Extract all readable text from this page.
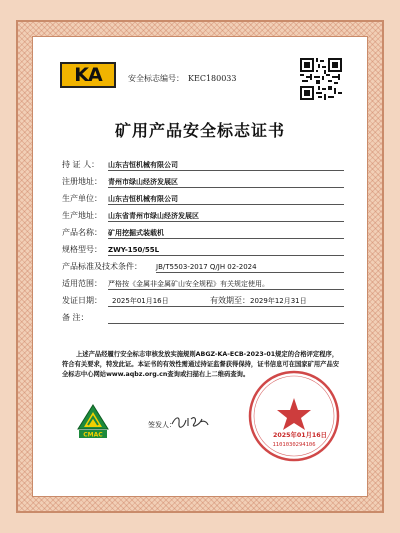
KA	安全标志编号： KEC180033
矿用产品安全标志证书
持 证 人： 山东吉恒机械有限公司
注册地址： 青州市绿山经济发展区
生产单位： 山东吉恒机械有限公司
生产地址： 山东省青州市绿山经济发展区
产品名称： 矿用挖掘式装载机
规格型号： ZWY-150/55L
产品标准及技术条件： JB/T5503-2017 Q/JH 02-2024
适用范围： 严格按《金属非金属矿山安全规程》有关规定使用。
发证日期： 2025年01月16日	有效期至：2029年12月31日
备 注：
上述产品经履行安全标志审核发放实施规则ABGZ-KA-ECB-2023-01规定的合格评定程序，符合有关要求，特发此证。本证书的有效性需通过持证监督获得保持，证书信息可在国家矿用产品安全标志中心网站www.aqbz.org.cn查询或扫描右上二维码查询。
CMAC
签发人：
1101030294106
2025年01月16日
